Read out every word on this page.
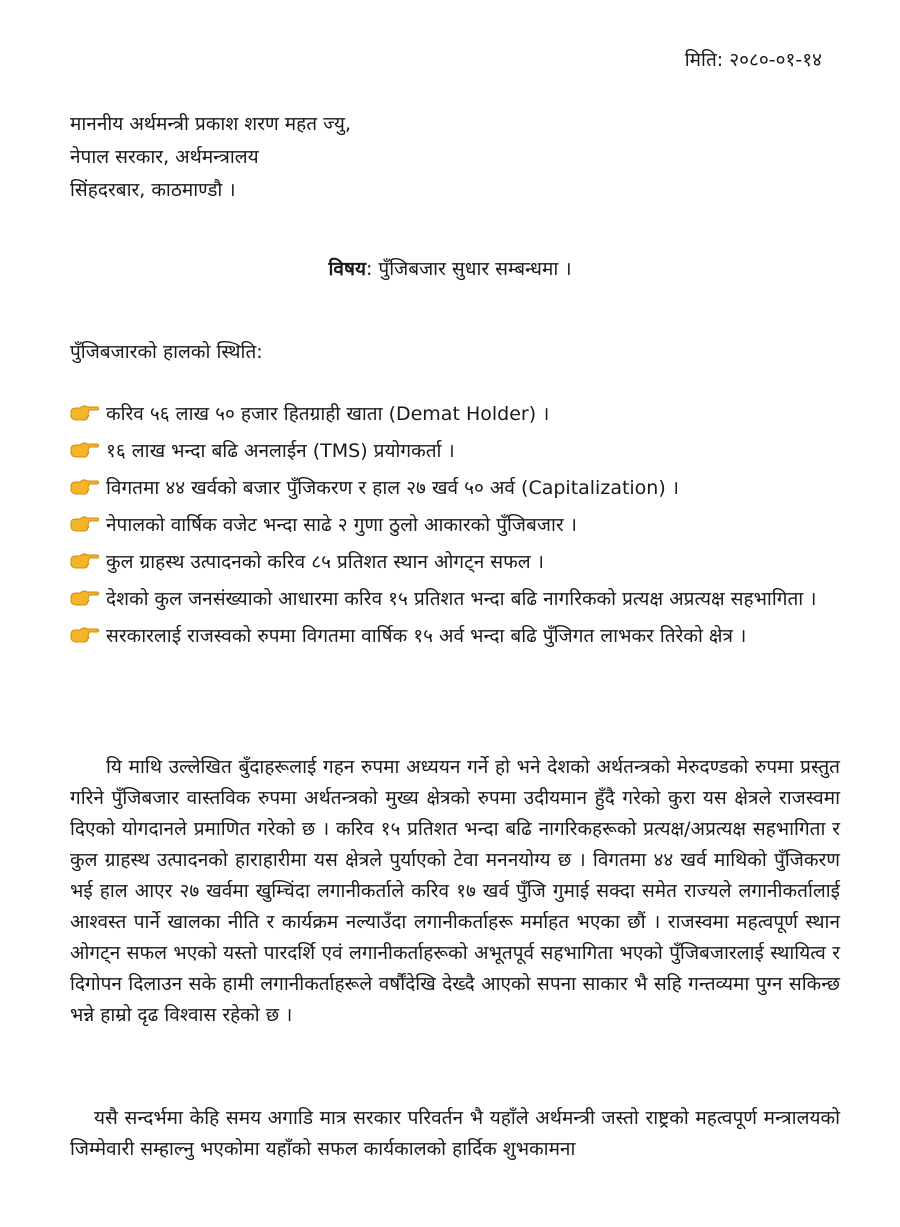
मिति: २०८०-०१-१४
माननीय अर्थमन्त्री प्रकाश शरण महत ज्यु,
नेपाल सरकार, अर्थमन्त्रालय
सिंहदरबार, काठमाण्डौ ।
विषय: पुँजिबजार सुधार सम्बन्धमा ।
पुँजिबजारको हालको स्थिति:
करिव ५६ लाख ५० हजार हितग्राही खाता (Demat Holder) ।
१६ लाख भन्दा बढि अनलाईन (TMS) प्रयोगकर्ता ।
विगतमा ४४ खर्वको बजार पुँजिकरण र हाल २७ खर्व ५० अर्व (Capitalization) ।
नेपालको वार्षिक वजेट भन्दा साढे २ गुणा ठुलो आकारको पुँजिबजार ।
कुल ग्राहस्थ उत्पादनको करिव ८५ प्रतिशत स्थान ओगट्न सफल ।
देशको कुल जनसंख्याको आधारमा करिव १५ प्रतिशत भन्दा बढि नागरिकको प्रत्यक्ष अप्रत्यक्ष सहभागिता ।
सरकारलाई राजस्वको रुपमा विगतमा वार्षिक १५ अर्व भन्दा बढि पुँजिगत लाभकर तिरेको क्षेत्र ।
यि माथि उल्लेखित बुँदाहरूलाई गहन रुपमा अध्ययन गर्ने हो भने देशको अर्थतन्त्रको मेरुदण्डको रुपमा प्रस्तुत गरिने पुँजिबजार वास्तविक रुपमा अर्थतन्त्रको मुख्य क्षेत्रको रुपमा उदीयमान हुँदै गरेको कुरा यस क्षेत्रले राजस्वमा दिएको योगदानले प्रमाणित गरेको छ । करिव १५ प्रतिशत भन्दा बढि नागरिकहरूको प्रत्यक्ष/अप्रत्यक्ष सहभागिता र कुल ग्राहस्थ उत्पादनको हाराहारीमा यस क्षेत्रले पुर्याएको टेवा मननयोग्य छ । विगतमा ४४ खर्व माथिको पुँजिकरण भई हाल आएर २७ खर्वमा खुम्चिंदा लगानीकर्ताले करिव १७ खर्व पुँजि गुमाई सक्दा समेत राज्यले लगानीकर्तालाई आश्वस्त पार्ने खालका नीति र कार्यक्रम नल्याउँदा लगानीकर्ताहरू मर्माहत भएका छौं । राजस्वमा महत्वपूर्ण स्थान ओगट्न सफल भएको यस्तो पारदर्शि एवं लगानीकर्ताहरूको अभूतपूर्व सहभागिता भएको पुँजिबजारलाई स्थायित्व र दिगोपन दिलाउन सके हामी लगानीकर्ताहरूले वर्षौंदेखि देख्दै आएको सपना साकार भै सहि गन्तव्यमा पुग्न सकिन्छ भन्ने हाम्रो दृढ विश्वास रहेको छ ।
यसै सन्दर्भमा केहि समय अगाडि मात्र सरकार परिवर्तन भै यहाँले अर्थमन्त्री जस्तो राष्ट्रको महत्वपूर्ण मन्त्रालयको जिम्मेवारी सम्हाल्नु भएकोमा यहाँको सफल कार्यकालको हार्दिक शुभकामना
